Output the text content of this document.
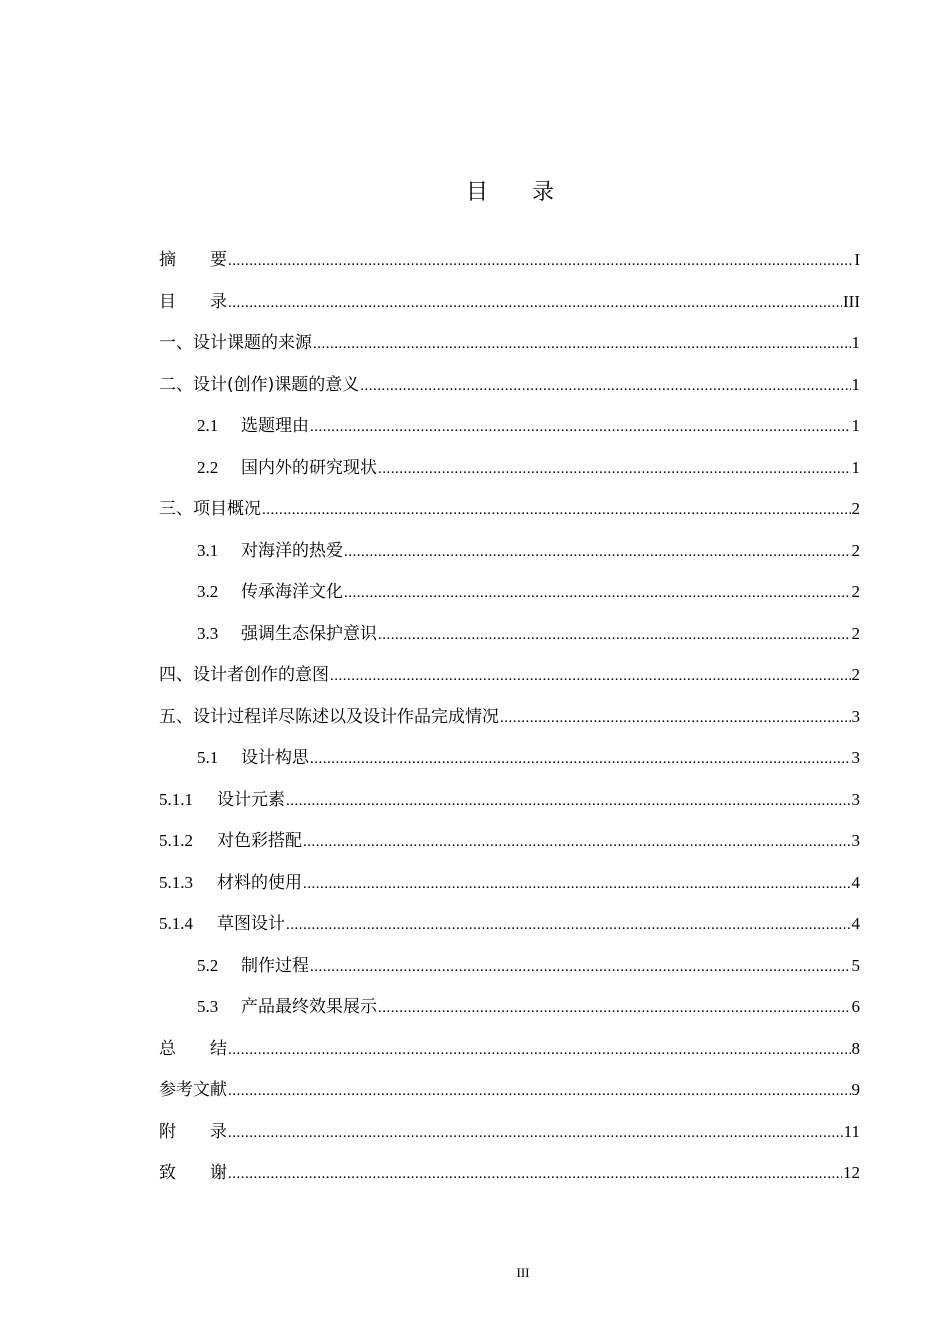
目　　录
摘　　要 .....	I
目　　录 .....	III
一、设计课题的来源 .....	1
二、设计(创作)课题的意义 .....	1
2.1	选题理由 .....	1
2.2	国内外的研究现状 .....	1
三、项目概况 .....	2
3.1	对海洋的热爱 .....	2
3.2	传承海洋文化 .....	2
3.3	强调生态保护意识 .....	2
四、设计者创作的意图 .....	2
五、设计过程详尽陈述以及设计作品完成情况 .....	3
5.1	设计构思 .....	3
5.1.1	设计元素 .....	3
5.1.2	对色彩搭配 .....	3
5.1.3	材料的使用 .....	4
5.1.4	草图设计 .....	4
5.2	制作过程 .....	5
5.3	产品最终效果展示 .....	6
总　　结 .....	8
参考文献 .....	9
附　　录 .....	11
致　　谢 .....	12
III
